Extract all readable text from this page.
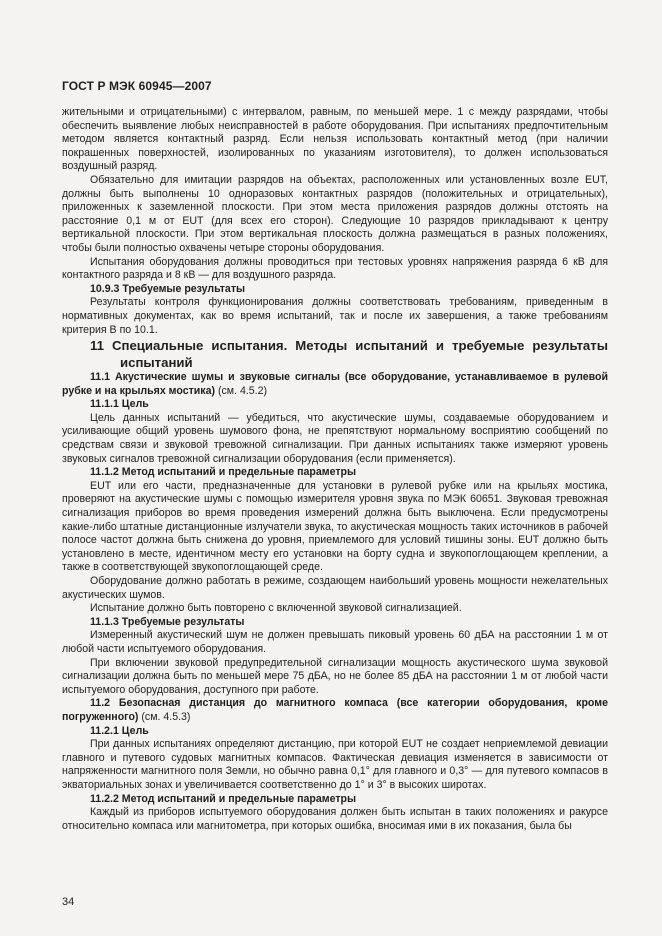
ГОСТ Р МЭК 60945—2007

жительными и отрицательными) с интервалом, равным, по меньшей мере. 1 с между разрядами, чтобы обеспечить выявление любых неисправностей в работе оборудования. При испытаниях предпочтительным методом является контактный разряд. Если нельзя использовать контактный метод (при наличии покрашенных поверхностей, изолированных по указаниям изготовителя), то должен использоваться воздушный разряд.

Обязательно для имитации разрядов на объектах, расположенных или установленных возле EUT, должны быть выполнены 10 одноразовых контактных разрядов (положительных и отрицательных), приложенных к заземленной плоскости. При этом места приложения разрядов должны отстоять на расстояние 0,1 м от EUT (для всех его сторон). Следующие 10 разрядов прикладывают к центру вертикальной плоскости. При этом вертикальная плоскость должна размещаться в разных положениях, чтобы были полностью охвачены четыре стороны оборудования.

Испытания оборудования должны проводиться при тестовых уровнях напряжения разряда 6 кВ для контактного разряда и 8 кВ — для воздушного разряда.

10.9.3 Требуемые результаты

Результаты контроля функционирования должны соответствовать требованиям, приведенным в нормативных документах, как во время испытаний, так и после их завершения, а также требованиям критерия В по 10.1.

11 Специальные испытания. Методы испытаний и требуемые результаты испытаний

11.1 Акустические шумы и звуковые сигналы (все оборудование, устанавливаемое в рулевой рубке и на крыльях мостика) (см. 4.5.2)

11.1.1 Цель

Цель данных испытаний — убедиться, что акустические шумы, создаваемые оборудованием и усиливающие общий уровень шумового фона, не препятствуют нормальному восприятию сообщений по средствам связи и звуковой тревожной сигнализации. При данных испытаниях также измеряют уровень звуковых сигналов тревожной сигнализации оборудования (если применяется).

11.1.2 Метод испытаний и предельные параметры

EUT или его части, предназначенные для установки в рулевой рубке или на крыльях мостика, проверяют на акустические шумы с помощью измерителя уровня звука по МЭК 60651. Звуковая тревожная сигнализация приборов во время проведения измерений должна быть выключена. Если предусмотрены какие-либо штатные дистанционные излучатели звука, то акустическая мощность таких источников в рабочей полосе частот должна быть снижена до уровня, приемлемого для условий тишины зоны. EUT должно быть установлено в месте, идентичном месту его установки на борту судна и звукопоглощающем креплении, а также в соответствующей звукопоглощающей среде.

Оборудование должно работать в режиме, создающем наибольший уровень мощности нежелательных акустических шумов.

Испытание должно быть повторено с включенной звуковой сигнализацией.

11.1.3 Требуемые результаты

Измеренный акустический шум не должен превышать пиковый уровень 60 дБА на расстоянии 1 м от любой части испытуемого оборудования.

При включении звуковой предупредительной сигнализации мощность акустического шума звуковой сигнализации должна быть по меньшей мере 75 дБА, но не более 85 дБА на расстоянии 1 м от любой части испытуемого оборудования, доступного при работе.

11.2 Безопасная дистанция до магнитного компаса (все категории оборудования, кроме погруженного) (см. 4.5.3)

11.2.1 Цель

При данных испытаниях определяют дистанцию, при которой EUT не создает неприемлемой девиации главного и путевого судовых магнитных компасов. Фактическая девиация изменяется в зависимости от напряженности магнитного поля Земли, но обычно равна 0,1° для главного и 0,3° — для путевого компасов в экваториальных зонах и увеличивается соответственно до 1° и 3° в высоких широтах.

11.2.2 Метод испытаний и предельные параметры

Каждый из приборов испытуемого оборудования должен быть испытан в таких положениях и ракурсе относительно компаса или магнитометра, при которых ошибка, вносимая ими в их показания, была бы

34
